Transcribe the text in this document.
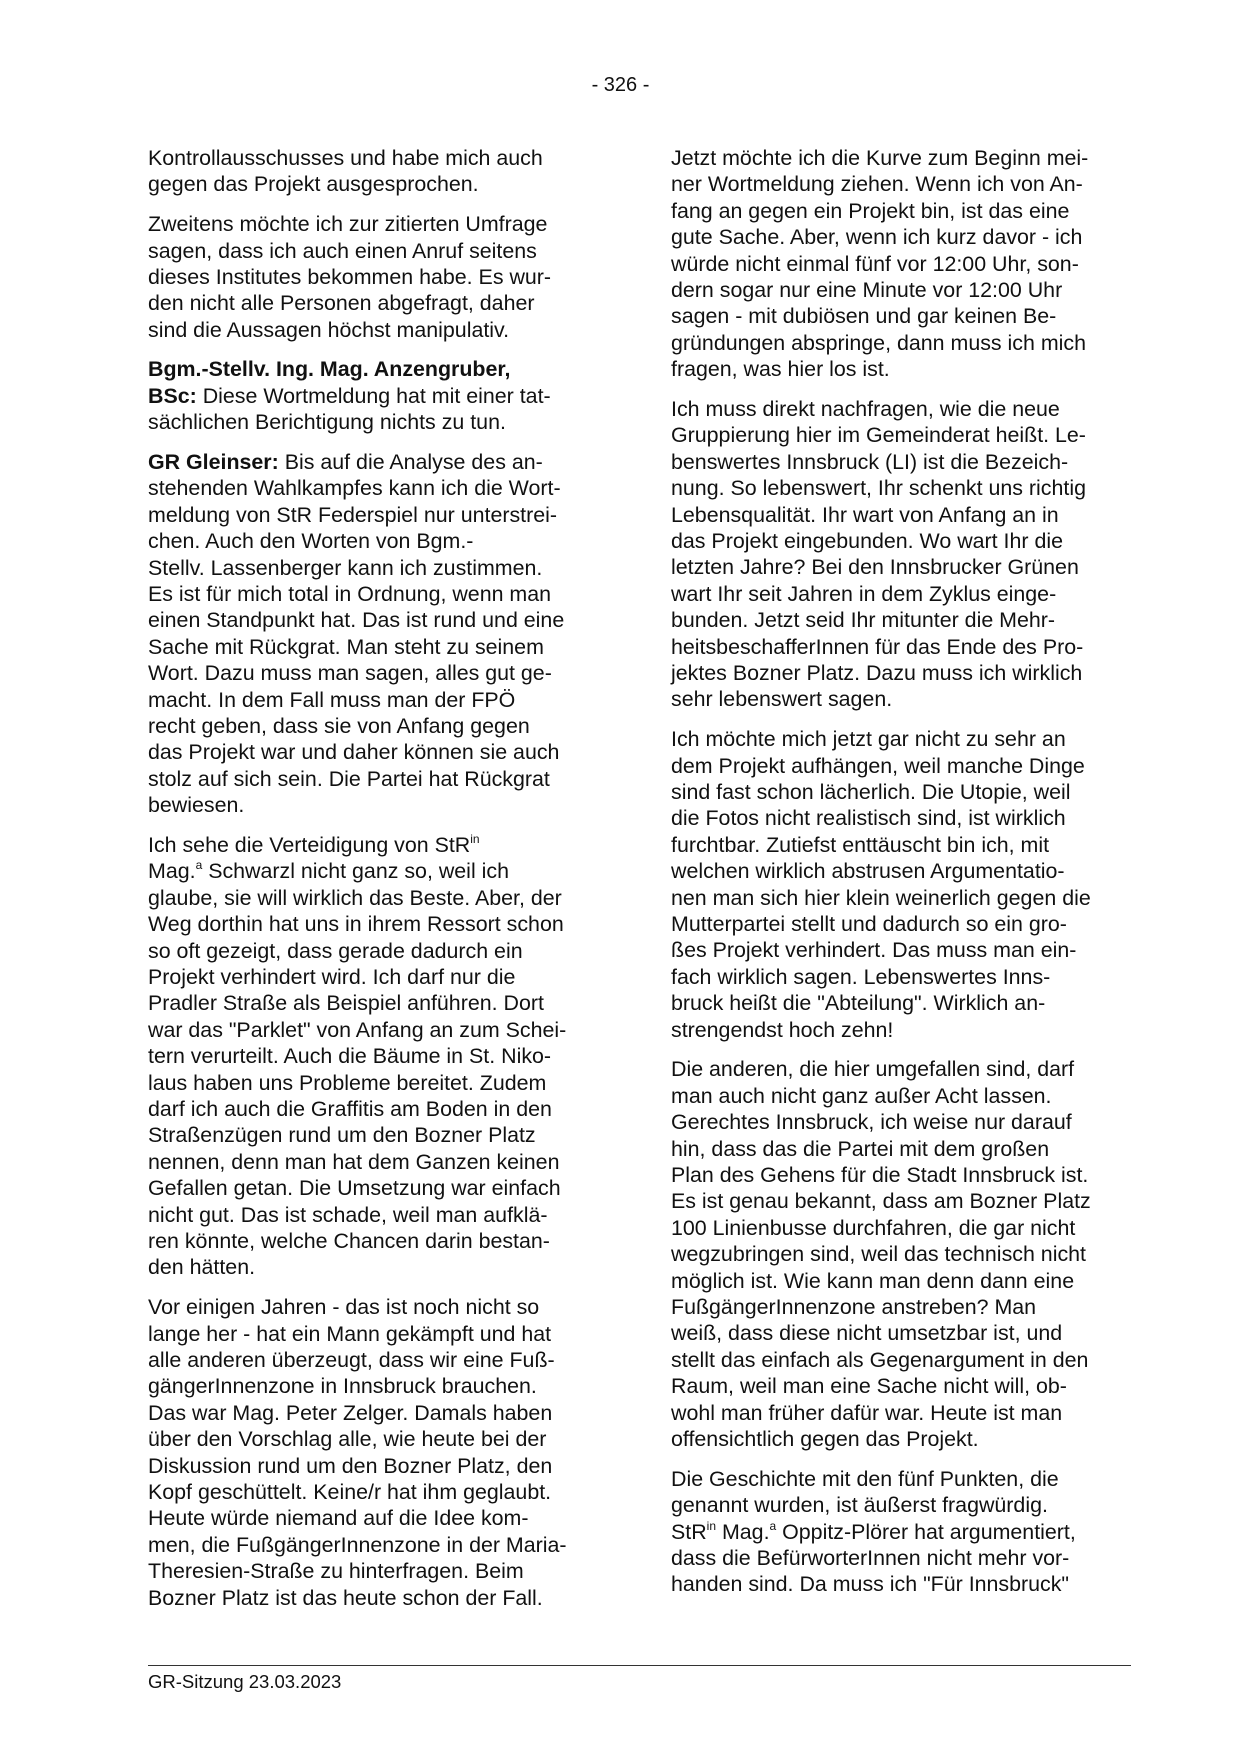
- 326 -

Kontrollausschusses und habe mich auch
gegen das Projekt ausgesprochen.

Zweitens möchte ich zur zitierten Umfrage
sagen, dass ich auch einen Anruf seitens
dieses Institutes bekommen habe. Es wur-
den nicht alle Personen abgefragt, daher
sind die Aussagen höchst manipulativ.

Bgm.-Stellv. Ing. Mag. Anzengruber,
BSc: Diese Wortmeldung hat mit einer tat-
sächlichen Berichtigung nichts zu tun.

GR Gleinser: Bis auf die Analyse des an-
stehenden Wahlkampfes kann ich die Wort-
meldung von StR Federspiel nur unterstrei-
chen. Auch den Worten von Bgm.-
Stellv. Lassenberger kann ich zustimmen.
Es ist für mich total in Ordnung, wenn man
einen Standpunkt hat. Das ist rund und eine
Sache mit Rückgrat. Man steht zu seinem
Wort. Dazu muss man sagen, alles gut ge-
macht. In dem Fall muss man der FPÖ
recht geben, dass sie von Anfang gegen
das Projekt war und daher können sie auch
stolz auf sich sein. Die Partei hat Rückgrat
bewiesen.

Ich sehe die Verteidigung von StR$^{in}$
Mag.$^a$ Schwarzl nicht ganz so, weil ich
glaube, sie will wirklich das Beste. Aber, der
Weg dorthin hat uns in ihrem Ressort schon
so oft gezeigt, dass gerade dadurch ein
Projekt verhindert wird. Ich darf nur die
Pradler Straße als Beispiel anführen. Dort
war das "Parklet" von Anfang an zum Schei-
tern verurteilt. Auch die Bäume in St. Niko-
laus haben uns Probleme bereitet. Zudem
darf ich auch die Graffitis am Boden in den
Straßenzügen rund um den Bozner Platz
nennen, denn man hat dem Ganzen keinen
Gefallen getan. Die Umsetzung war einfach
nicht gut. Das ist schade, weil man aufklä-
ren könnte, welche Chancen darin bestan-
den hätten.

Vor einigen Jahren - das ist noch nicht so
lange her - hat ein Mann gekämpft und hat
alle anderen überzeugt, dass wir eine Fuß-
gängerInnenzone in Innsbruck brauchen.
Das war Mag. Peter Zelger. Damals haben
über den Vorschlag alle, wie heute bei der
Diskussion rund um den Bozner Platz, den
Kopf geschüttelt. Keine/r hat ihm geglaubt.
Heute würde niemand auf die Idee kom-
men, die FußgängerInnenzone in der Maria-
Theresien-Straße zu hinterfragen. Beim
Bozner Platz ist das heute schon der Fall.

Jetzt möchte ich die Kurve zum Beginn mei-
ner Wortmeldung ziehen. Wenn ich von An-
fang an gegen ein Projekt bin, ist das eine
gute Sache. Aber, wenn ich kurz davor - ich
würde nicht einmal fünf vor 12:00 Uhr, son-
dern sogar nur eine Minute vor 12:00 Uhr
sagen - mit dubiösen und gar keinen Be-
gründungen abspringe, dann muss ich mich
fragen, was hier los ist.

Ich muss direkt nachfragen, wie die neue
Gruppierung hier im Gemeinderat heißt. Le-
benswertes Innsbruck (LI) ist die Bezeich-
nung. So lebenswert, Ihr schenkt uns richtig
Lebensqualität. Ihr wart von Anfang an in
das Projekt eingebunden. Wo wart Ihr die
letzten Jahre? Bei den Innsbrucker Grünen
wart Ihr seit Jahren in dem Zyklus einge-
bunden. Jetzt seid Ihr mitunter die Mehr-
heitsbeschafferInnen für das Ende des Pro-
jektes Bozner Platz. Dazu muss ich wirklich
sehr lebenswert sagen.

Ich möchte mich jetzt gar nicht zu sehr an
dem Projekt aufhängen, weil manche Dinge
sind fast schon lächerlich. Die Utopie, weil
die Fotos nicht realistisch sind, ist wirklich
furchtbar. Zutiefst enttäuscht bin ich, mit
welchen wirklich abstrusen Argumentatio-
nen man sich hier klein weinerlich gegen die
Mutterpartei stellt und dadurch so ein gro-
ßes Projekt verhindert. Das muss man ein-
fach wirklich sagen. Lebenswertes Inns-
bruck heißt die "Abteilung". Wirklich an-
strengendst hoch zehn!

Die anderen, die hier umgefallen sind, darf
man auch nicht ganz außer Acht lassen.
Gerechtes Innsbruck, ich weise nur darauf
hin, dass das die Partei mit dem großen
Plan des Gehens für die Stadt Innsbruck ist.
Es ist genau bekannt, dass am Bozner Platz
100 Linienbusse durchfahren, die gar nicht
wegzubringen sind, weil das technisch nicht
möglich ist. Wie kann man denn dann eine
FußgängerInnenzone anstreben? Man
weiß, dass diese nicht umsetzbar ist, und
stellt das einfach als Gegenargument in den
Raum, weil man eine Sache nicht will, ob-
wohl man früher dafür war. Heute ist man
offensichtlich gegen das Projekt.

Die Geschichte mit den fünf Punkten, die
genannt wurden, ist äußerst fragwürdig.
StR$^{in}$ Mag.$^a$ Oppitz-Plörer hat argumentiert,
dass die BefürworterInnen nicht mehr vor-
handen sind. Da muss ich "Für Innsbruck"

GR-Sitzung 23.03.2023
